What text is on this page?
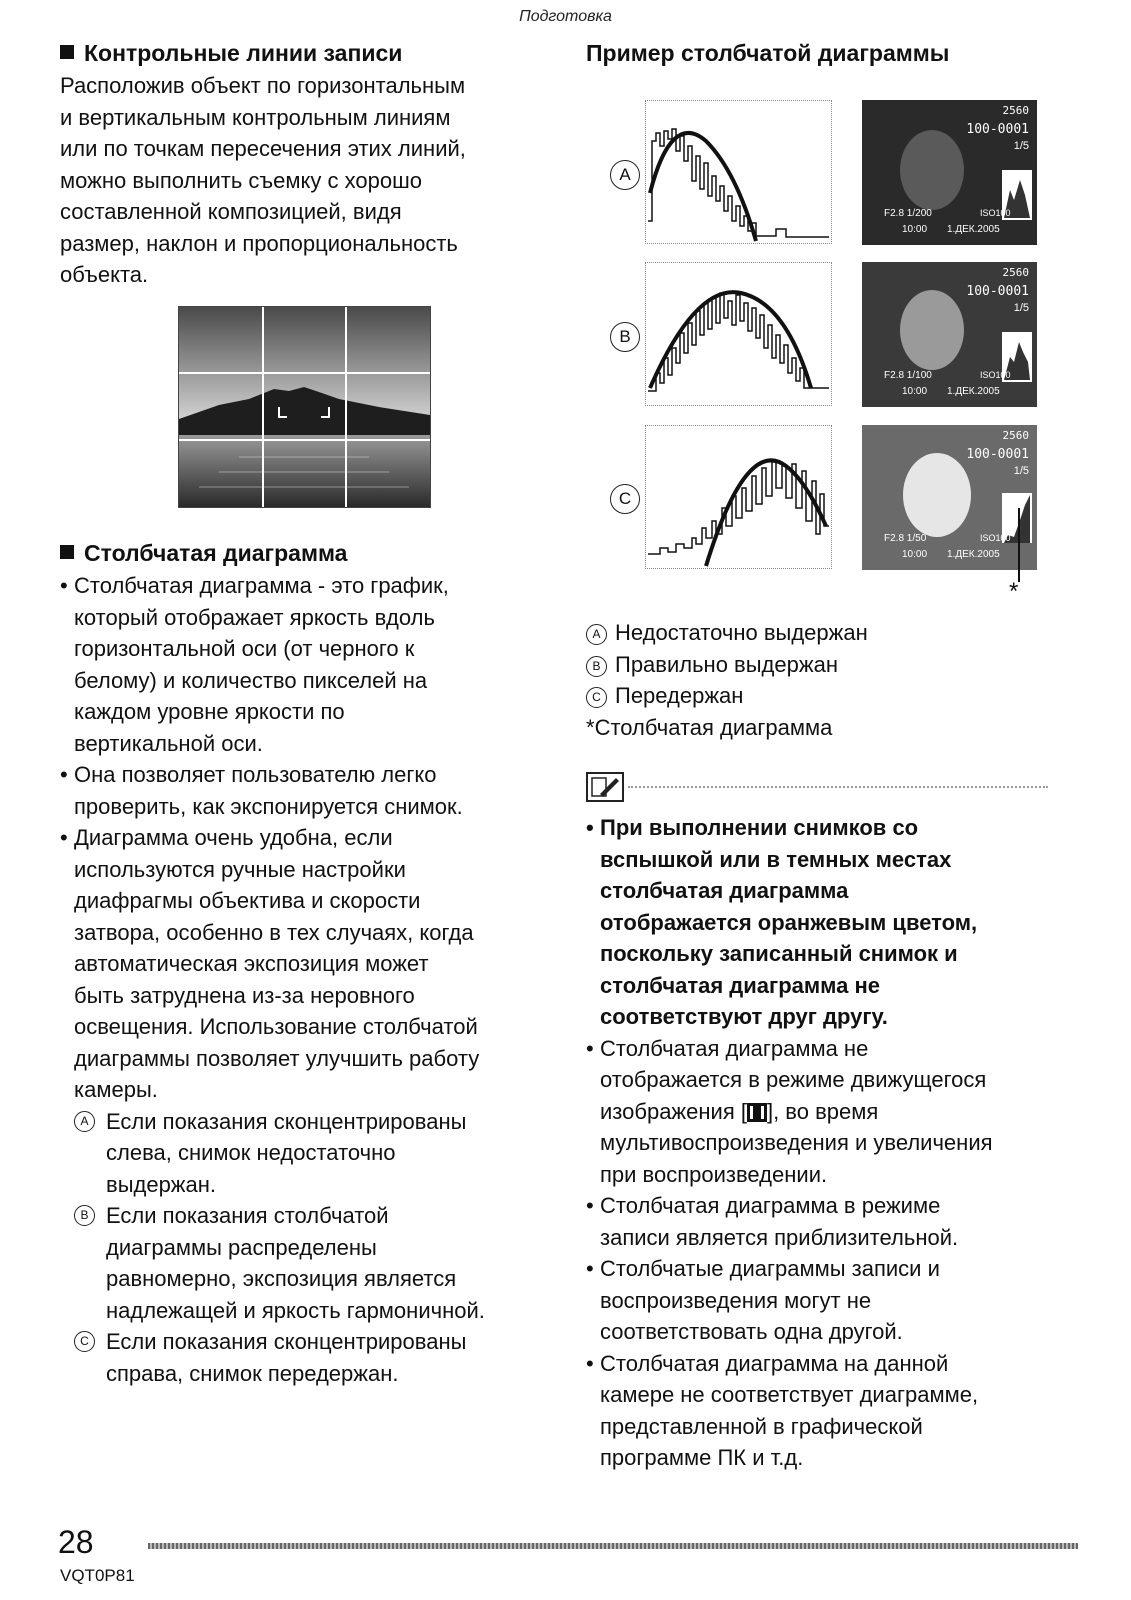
Подготовка
Контрольные линии записи
Расположив объект по горизонтальным
и вертикальным контрольным линиям
или по точкам пересечения этих линий,
можно выполнить съемку с хорошо
составленной композицией, видя
размер, наклон и пропорциональность
объекта.
Столбчатая диаграмма
• Столбчатая диаграмма - это график,
который отображает яркость вдоль
горизонтальной оси (от черного к
белому) и количество пикселей на
каждом уровне яркости по
вертикальной оси.
• Она позволяет пользователю легко
проверить, как экспонируется снимок.
• Диаграмма очень удобна, если
используются ручные настройки
диафрагмы объектива и скорости
затвора, особенно в тех случаях, когда
автоматическая экспозиция может
быть затруднена из-за неровного
освещения. Использование столбчатой
диаграммы позволяет улучшить работу
камеры.
A Если показания сконцентрированы
слева, снимок недостаточно
выдержан.
B Если показания столбчатой
диаграммы распределены
равномерно, экспозиция является
надлежащей и яркость гармоничной.
C Если показания сконцентрированы
справа, снимок передержан.
Пример столбчатой диаграммы
A
2560
100-0001
1/5
F2.8 1/200	ISO100
10:00 1.ДЕК.2005
B
2560
100-0001
1/5
F2.8 1/100	ISO100
10:00 1.ДЕК.2005
C
2560
100-0001
1/5
F2.8 1/50	ISO100
10:00 1.ДЕК.2005
*
A Недостаточно выдержан
B Правильно выдержан
C Передержан
*Столбчатая диаграмма
• При выполнении снимков со
вспышкой или в темных местах
столбчатая диаграмма
отображается оранжевым цветом,
поскольку записанный снимок и
столбчатая диаграмма не
соответствуют друг другу.
• Столбчатая диаграмма не
отображается в режиме движущегося
изображения [ ], во время
мультивоспроизведения и увеличения
при воспроизведении.
• Столбчатая диаграмма в режиме
записи является приблизительной.
• Столбчатые диаграммы записи и
воспроизведения могут не
соответствовать одна другой.
• Столбчатая диаграмма на данной
камере не соответствует диаграмме,
представленной в графической
программе ПК и т.д.
28
VQT0P81
